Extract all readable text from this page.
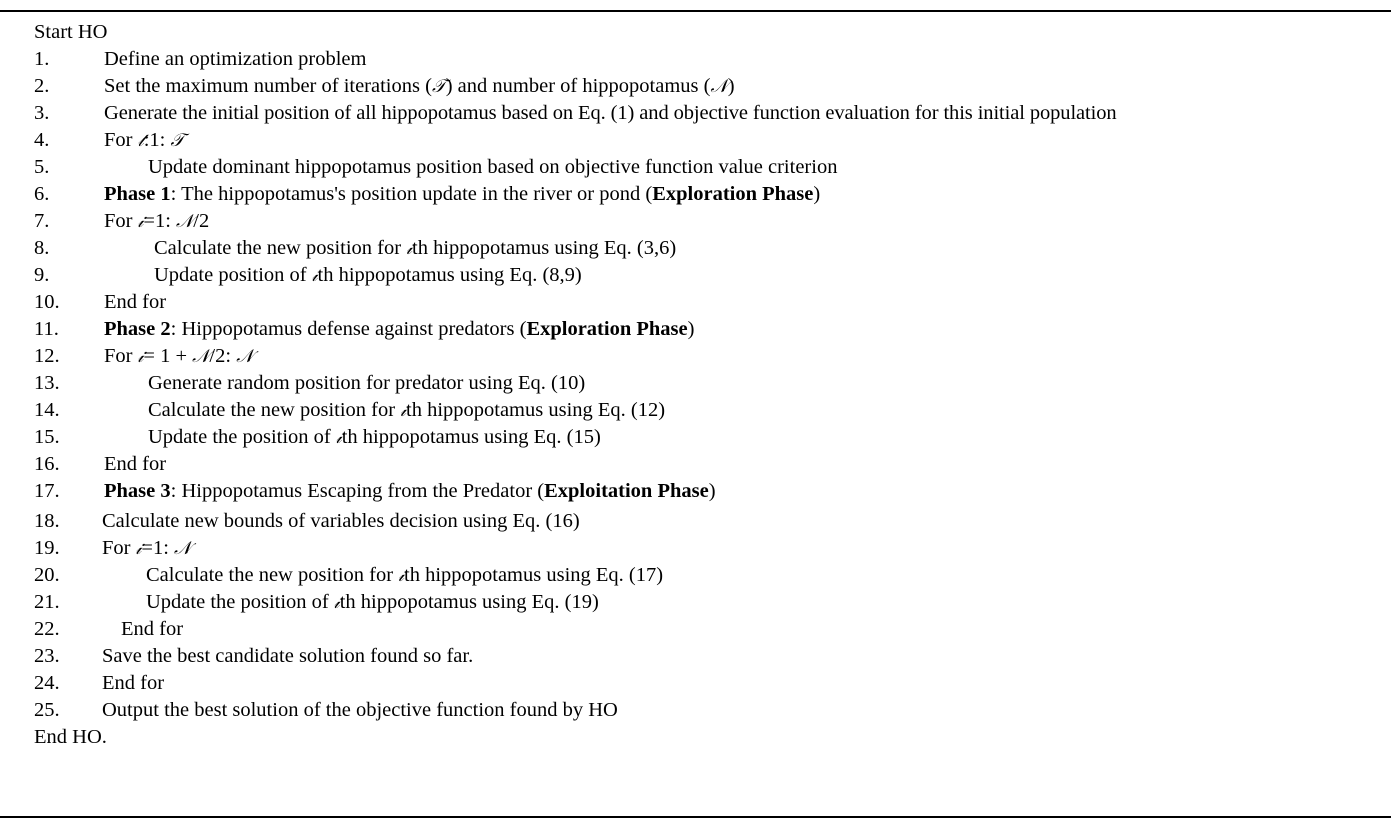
Start HO
1.	Define an optimization problem
2.	Set the maximum number of iterations (𝒯) and number of hippopotamus (𝒩)
3.	Generate the initial position of all hippopotamus based on Eq. (1) and objective function evaluation for this initial population
4.	For 𝓉:1: 𝒯
5.	Update dominant hippopotamus position based on objective function value criterion
6.	Phase 1: The hippopotamus's position update in the river or pond (Exploration Phase)
7.	For 𝒾=1: 𝒩/2
8.	Calculate the new position for 𝒾th hippopotamus using Eq. (3,6)
9.	Update position of 𝒾th hippopotamus using Eq. (8,9)
10. End for
11. Phase 2: Hippopotamus defense against predators (Exploration Phase)
12. For 𝒾= 1 + 𝒩/2: 𝒩
13.	Generate random position for predator using Eq. (10)
14.	Calculate the new position for 𝒾th hippopotamus using Eq. (12)
15.	Update the position of 𝒾th hippopotamus using Eq. (15)
16. End for
17. Phase 3: Hippopotamus Escaping from the Predator (Exploitation Phase)
18. Calculate new bounds of variables decision using Eq. (16)
19. For 𝒾=1: 𝒩
20.	Calculate the new position for 𝒾th hippopotamus using Eq. (17)
21.	Update the position of 𝒾th hippopotamus using Eq. (19)
22.	End for
23. Save the best candidate solution found so far.
24. End for
25. Output the best solution of the objective function found by HO
End HO.
